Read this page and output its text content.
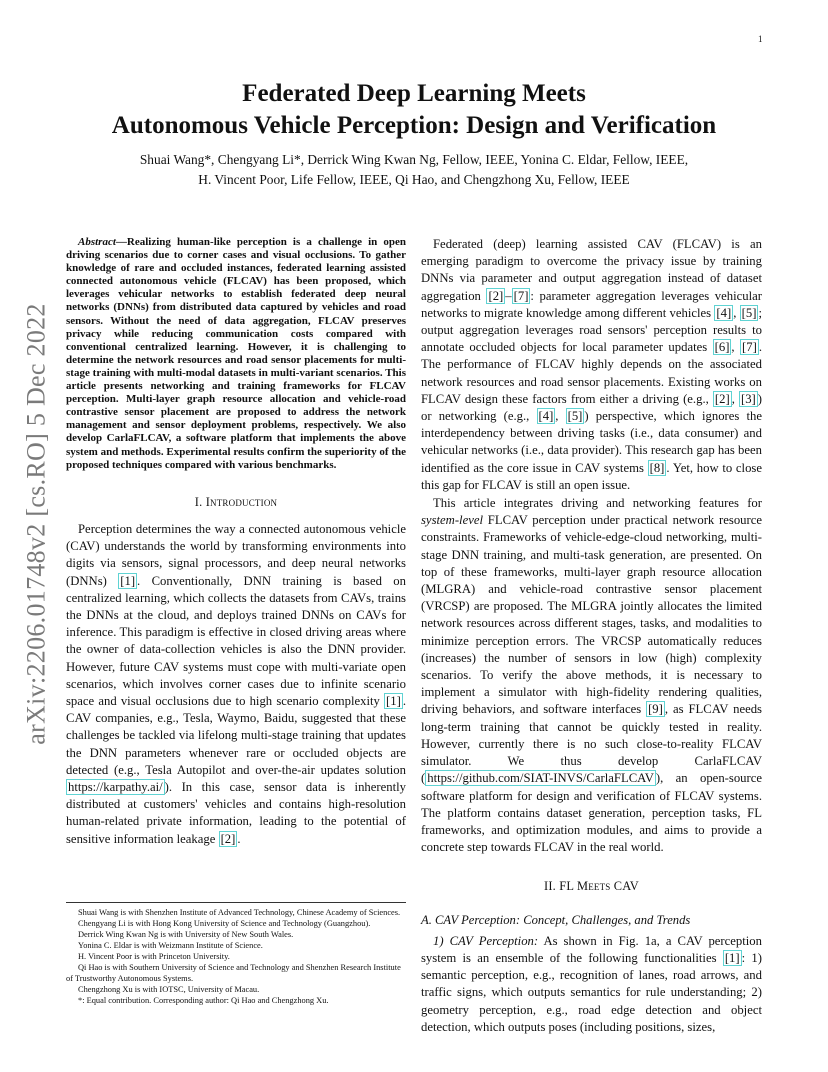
1
arXiv:2206.01748v2 [cs.RO] 5 Dec 2022
Federated Deep Learning Meets
Autonomous Vehicle Perception: Design and Verification
Shuai Wang*, Chengyang Li*, Derrick Wing Kwan Ng, Fellow, IEEE, Yonina C. Eldar, Fellow, IEEE,
H. Vincent Poor, Life Fellow, IEEE, Qi Hao, and Chengzhong Xu, Fellow, IEEE

Abstract—Realizing human-like perception is a challenge in open driving scenarios due to corner cases and visual occlusions. To gather knowledge of rare and occluded instances, federated learning assisted connected autonomous vehicle (FLCAV) has been proposed, which leverages vehicular networks to establish federated deep neural networks (DNNs) from distributed data captured by vehicles and road sensors. Without the need of data aggregation, FLCAV preserves privacy while reducing communication costs compared with conventional centralized learning. However, it is challenging to determine the network resources and road sensor placements for multi-stage training with multi-modal datasets in multi-variant scenarios. This article presents networking and training frameworks for FLCAV perception. Multi-layer graph resource allocation and vehicle-road contrastive sensor placement are proposed to address the network management and sensor deployment problems, respectively. We also develop CarlaFLCAV, a software platform that implements the above system and methods. Experimental results confirm the superiority of the proposed techniques compared with various benchmarks.

I. Introduction

Perception determines the way a connected autonomous vehicle (CAV) understands the world by transforming environments into digits via sensors, signal processors, and deep neural networks (DNNs) [1] . Conventionally, DNN training is based on centralized learning, which collects the datasets from CAVs, trains the DNNs at the cloud, and deploys trained DNNs on CAVs for inference. This paradigm is effective in closed driving areas where the owner of data-collection vehicles is also the DNN provider. However, future CAV systems must cope with multi-variate open scenarios, which involves corner cases due to infinite scenario space and visual occlusions due to high scenario complexity [1] . CAV companies, e.g., Tesla, Waymo, Baidu, suggested that these challenges be tackled via lifelong multi-stage training that updates the DNN parameters whenever rare or occluded objects are detected (e.g., Tesla Autopilot and over-the-air updates solution https://karpathy.ai/ ). In this case, sensor data is inherently distributed at customers' vehicles and contains high-resolution human-related private information, leading to the potential of sensitive information leakage [2] .

Shuai Wang is with Shenzhen Institute of Advanced Technology, Chinese Academy of Sciences.
Chengyang Li is with Hong Kong University of Science and Technology (Guangzhou).
Derrick Wing Kwan Ng is with University of New South Wales.
Yonina C. Eldar is with Weizmann Institute of Science.
H. Vincent Poor is with Princeton University.
Qi Hao is with Southern University of Science and Technology and Shenzhen Research Institute of Trustworthy Autonomous Systems.
Chengzhong Xu is with IOTSC, University of Macau.
*: Equal contribution. Corresponding author: Qi Hao and Chengzhong Xu.

Federated (deep) learning assisted CAV (FLCAV) is an emerging paradigm to overcome the privacy issue by training DNNs via parameter and output aggregation instead of dataset aggregation [2] – [7] : parameter aggregation leverages vehicular networks to migrate knowledge among different vehicles [4] , [5] ; output aggregation leverages road sensors' perception results to annotate occluded objects for local parameter updates [6] , [7] . The performance of FLCAV highly depends on the associated network resources and road sensor placements. Existing works on FLCAV design these factors from either a driving (e.g., [2] , [3] ) or networking (e.g., [4] , [5] ) perspective, which ignores the interdependency between driving tasks (i.e., data consumer) and vehicular networks (i.e., data provider). This research gap has been identified as the core issue in CAV systems [8] . Yet, how to close this gap for FLCAV is still an open issue.

This article integrates driving and networking features for system-level FLCAV perception under practical network resource constraints. Frameworks of vehicle-edge-cloud networking, multi-stage DNN training, and multi-task generation, are presented. On top of these frameworks, multi-layer graph resource allocation (MLGRA) and vehicle-road contrastive sensor placement (VRCSP) are proposed. The MLGRA jointly allocates the limited network resources across different stages, tasks, and modalities to minimize perception errors. The VRCSP automatically reduces (increases) the number of sensors in low (high) complexity scenarios. To verify the above methods, it is necessary to implement a simulator with high-fidelity rendering qualities, driving behaviors, and software interfaces [9] , as FLCAV needs long-term training that cannot be quickly tested in reality. However, currently there is no such close-to-reality FLCAV simulator. We thus develop CarlaFLCAV ( https://github.com/SIAT-INVS/CarlaFLCAV ), an open-source software platform for design and verification of FLCAV systems. The platform contains dataset generation, perception tasks, FL frameworks, and optimization modules, and aims to provide a concrete step towards FLCAV in the real world.

II. FL Meets CAV
A. CAV Perception: Concept, Challenges, and Trends

1) CAV Perception: As shown in Fig. 1a, a CAV perception system is an ensemble of the following functionalities [1] : 1) semantic perception, e.g., recognition of lanes, road arrows, and traffic signs, which outputs semantics for rule understanding; 2) geometry perception, e.g., road edge detection and object detection, which outputs poses (including positions, sizes,
